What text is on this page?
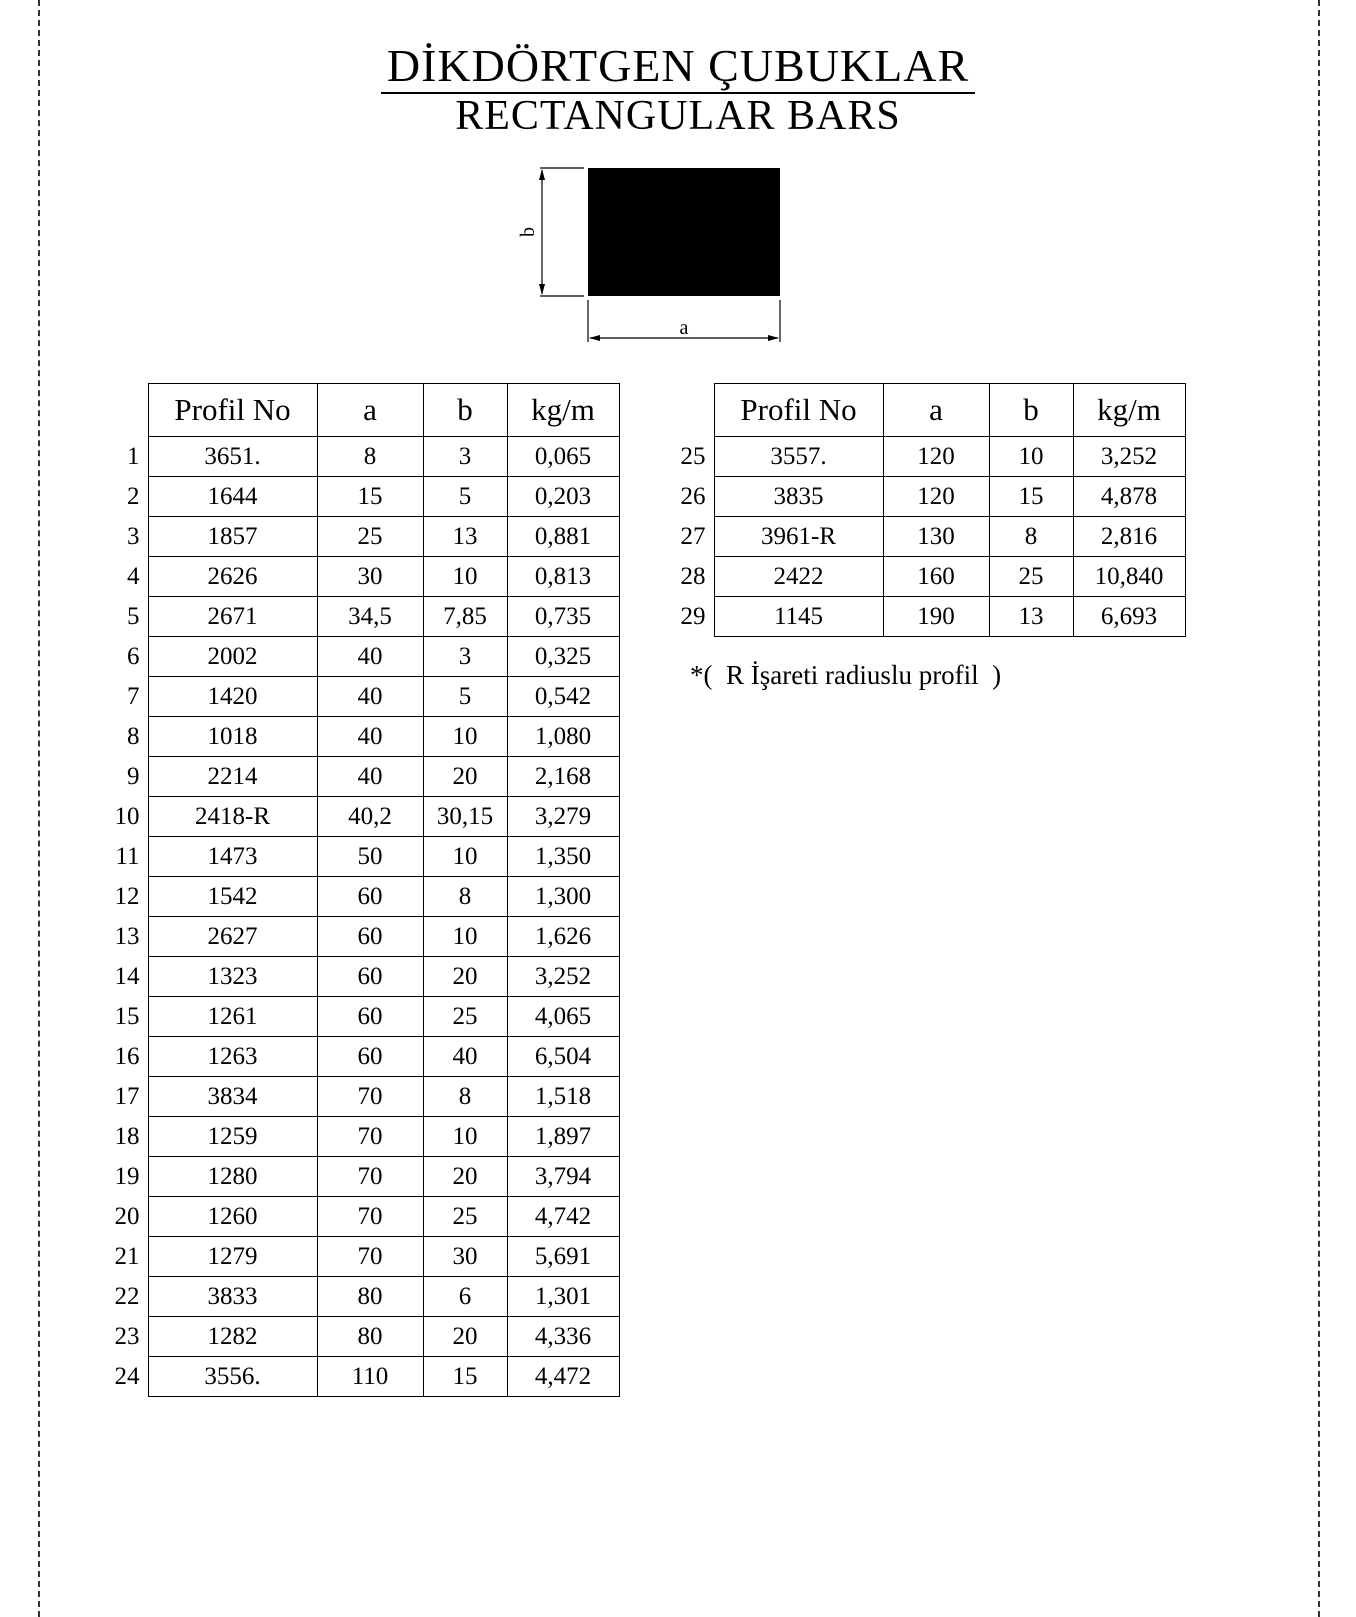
DİKDÖRTGEN ÇUBUKLAR
RECTANGULAR BARS
b
a
	Profil No	a	b	kg/m
1	3651.	8	3	0,065
2	1644	15	5	0,203
3	1857	25	13	0,881
4	2626	30	10	0,813
5	2671	34,5	7,85	0,735
6	2002	40	3	0,325
7	1420	40	5	0,542
8	1018	40	10	1,080
9	2214	40	20	2,168
10	2418-R	40,2	30,15	3,279
11	1473	50	10	1,350
12	1542	60	8	1,300
13	2627	60	10	1,626
14	1323	60	20	3,252
15	1261	60	25	4,065
16	1263	60	40	6,504
17	3834	70	8	1,518
18	1259	70	10	1,897
19	1280	70	20	3,794
20	1260	70	25	4,742
21	1279	70	30	5,691
22	3833	80	6	1,301
23	1282	80	20	4,336
24	3556.	110	15	4,472
	Profil No	a	b	kg/m
25	3557.	120	10	3,252
26	3835	120	15	4,878
27	3961-R	130	8	2,816
28	2422	160	25	10,840
29	1145	190	13	6,693
*(  R İşareti radiuslu profil  )
